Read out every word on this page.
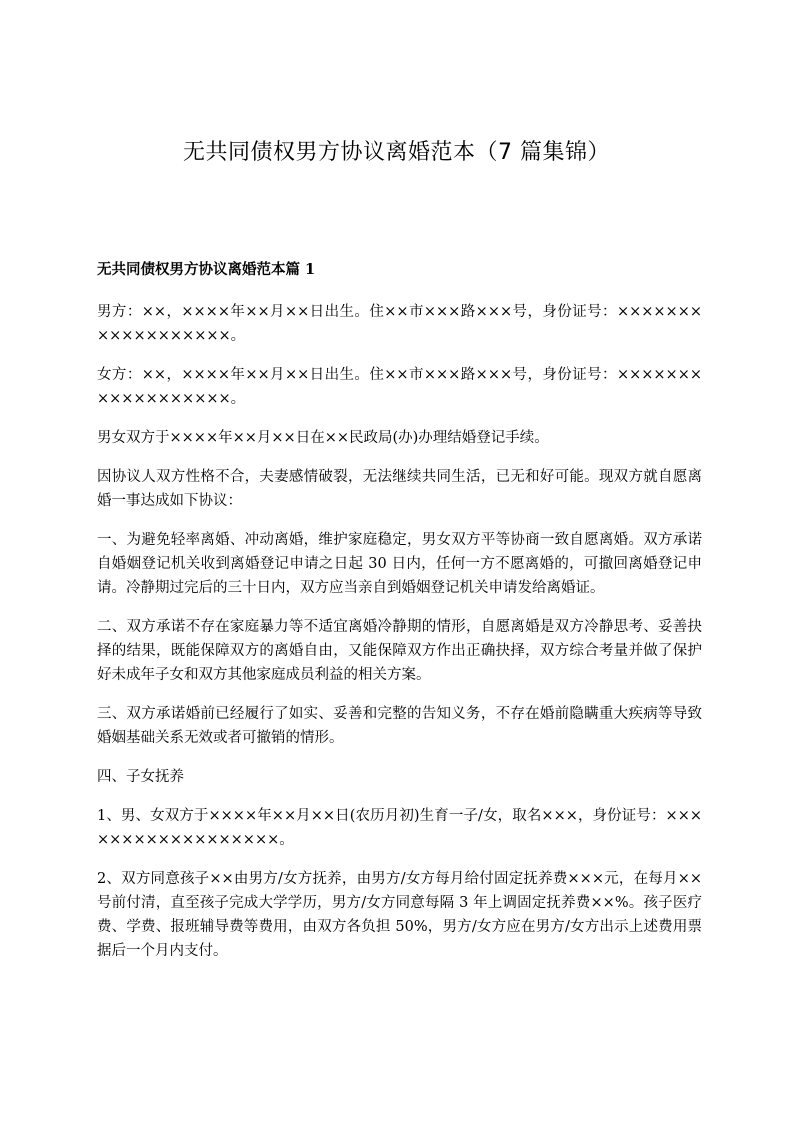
无共同债权男方协议离婚范本（7 篇集锦）

无共同债权男方协议离婚范本篇 1

男方：××，××××年××月××日出生。住××市×××路×××号，身份证号：××××××××××××××××××。

女方：××，××××年××月××日出生。住××市×××路×××号，身份证号：××××××××××××××××××。

男女双方于××××年××月××日在××民政局(办)办理结婚登记手续。

因协议人双方性格不合，夫妻感情破裂，无法继续共同生活，已无和好可能。现双方就自愿离婚一事达成如下协议：

一、为避免轻率离婚、冲动离婚，维护家庭稳定，男女双方平等协商一致自愿离婚。双方承诺自婚姻登记机关收到离婚登记申请之日起 30 日内，任何一方不愿离婚的，可撤回离婚登记申请。冷静期过完后的三十日内，双方应当亲自到婚姻登记机关申请发给离婚证。

二、双方承诺不存在家庭暴力等不适宜离婚冷静期的情形，自愿离婚是双方冷静思考、妥善抉择的结果，既能保障双方的离婚自由，又能保障双方作出正确抉择，双方综合考量并做了保护好未成年子女和双方其他家庭成员利益的相关方案。

三、双方承诺婚前已经履行了如实、妥善和完整的告知义务，不存在婚前隐瞒重大疾病等导致婚姻基础关系无效或者可撤销的情形。

四、子女抚养

1、男、女双方于××××年××月××日(农历月初)生育一子/女，取名×××，身份证号：××××××××××××××××××。

2、双方同意孩子××由男方/女方抚养，由男方/女方每月给付固定抚养费×××元，在每月××号前付清，直至孩子完成大学学历，男方/女方同意每隔 3 年上调固定抚养费××%。孩子医疗费、学费、报班辅导费等费用，由双方各负担 50%，男方/女方应在男方/女方出示上述费用票据后一个月内支付。
